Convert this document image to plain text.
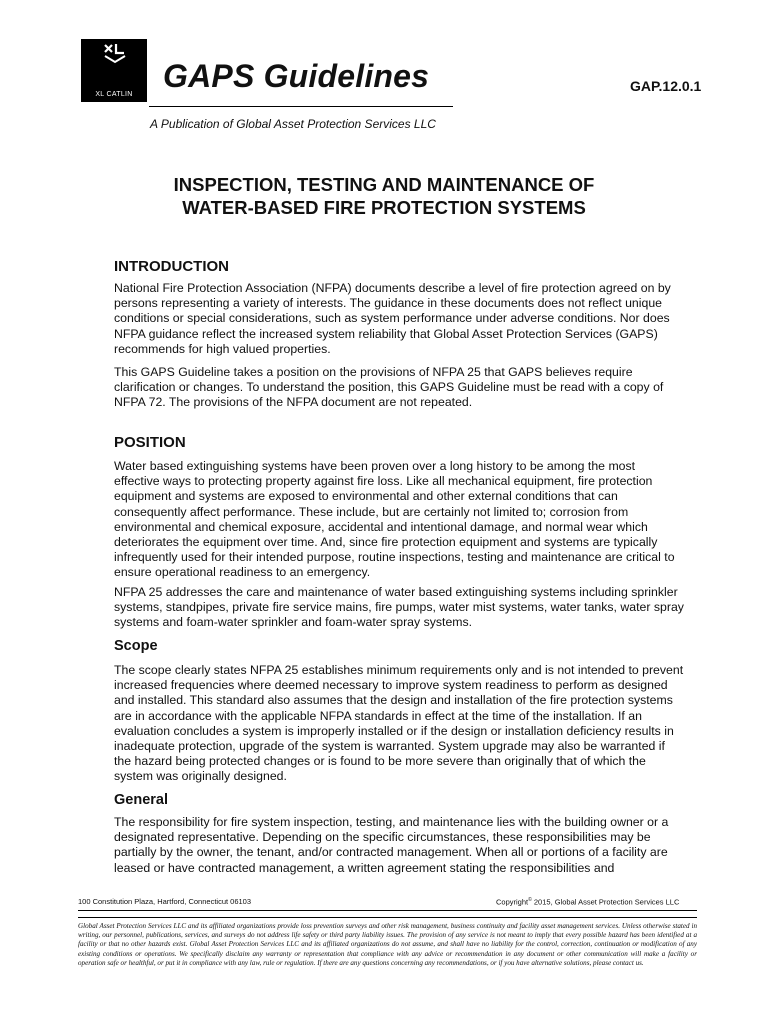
XL CATLIN
GAPS Guidelines	GAP.12.0.1
A Publication of Global Asset Protection Services LLC
INSPECTION, TESTING AND MAINTENANCE OF
WATER-BASED FIRE PROTECTION SYSTEMS
INTRODUCTION

National Fire Protection Association (NFPA) documents describe a level of fire protection agreed on by persons representing a variety of interests. The guidance in these documents does not reflect unique conditions or special considerations, such as system performance under adverse conditions. Nor does NFPA guidance reflect the increased system reliability that Global Asset Protection Services (GAPS) recommends for high valued properties.

This GAPS Guideline takes a position on the provisions of NFPA 25 that GAPS believes require clarification or changes. To understand the position, this GAPS Guideline must be read with a copy of NFPA 72. The provisions of the NFPA document are not repeated.

POSITION

Water based extinguishing systems have been proven over a long history to be among the most effective ways to protecting property against fire loss. Like all mechanical equipment, fire protection equipment and systems are exposed to environmental and other external conditions that can consequently affect performance. These include, but are certainly not limited to; corrosion from environmental and chemical exposure, accidental and intentional damage, and normal wear which deteriorates the equipment over time. And, since fire protection equipment and systems are typically infrequently used for their intended purpose, routine inspections, testing and maintenance are critical to ensure operational readiness to an emergency.

NFPA 25 addresses the care and maintenance of water based extinguishing systems including sprinkler systems, standpipes, private fire service mains, fire pumps, water mist systems, water tanks, water spray systems and foam-water sprinkler and foam-water spray systems.

Scope

The scope clearly states NFPA 25 establishes minimum requirements only and is not intended to prevent increased frequencies where deemed necessary to improve system readiness to perform as designed and installed. This standard also assumes that the design and installation of the fire protection systems are in accordance with the applicable NFPA standards in effect at the time of the installation. If an evaluation concludes a system is improperly installed or if the design or installation deficiency results in inadequate protection, upgrade of the system is warranted. System upgrade may also be warranted if the hazard being protected changes or is found to be more severe than originally that of which the system was originally designed.

General

The responsibility for fire system inspection, testing, and maintenance lies with the building owner or a designated representative. Depending on the specific circumstances, these responsibilities may be partially by the owner, the tenant, and/or contracted management. When all or portions of a facility are leased or have contracted management, a written agreement stating the responsibilities and

100 Constitution Plaza, Hartford, Connecticut 06103	Copyright© 2015, Global Asset Protection Services LLC

Global Asset Protection Services LLC and its affiliated organizations provide loss prevention surveys and other risk management, business continuity and facility asset management services. Unless otherwise stated in writing, our personnel, publications, services, and surveys do not address life safety or third party liability issues. The provision of any service is not meant to imply that every possible hazard has been identified at a facility or that no other hazards exist. Global Asset Protection Services LLC and its affiliated organizations do not assume, and shall have no liability for the control, correction, continuation or modification of any existing conditions or operations. We specifically disclaim any warranty or representation that compliance with any advice or recommendation in any document or other communication will make a facility or operation safe or healthful, or put it in compliance with any law, rule or regulation. If there are any questions concerning any recommendations, or if you have alternative solutions, please contact us.
